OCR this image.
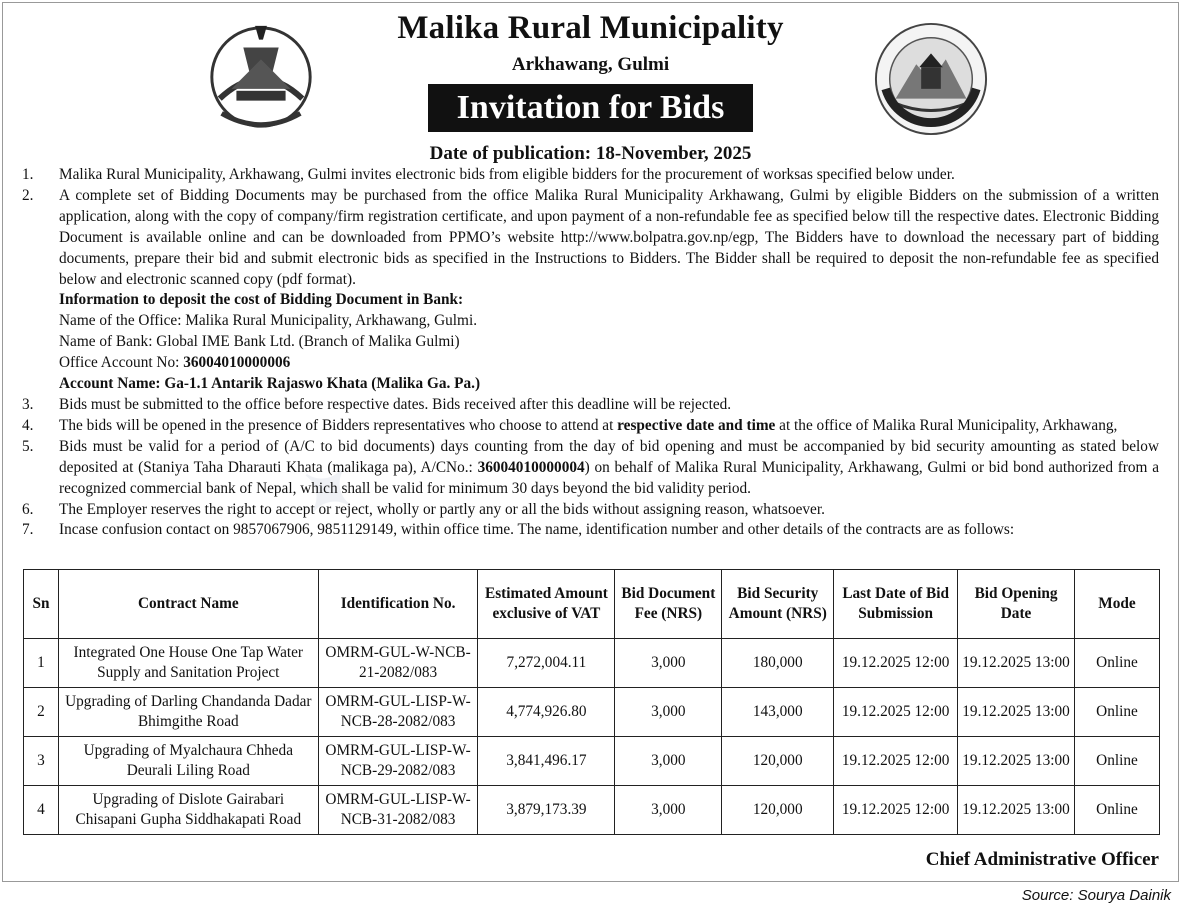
✦
Malika Rural Municipality
Arkhawang, Gulmi
Invitation for Bids
Date of publication: 18-November, 2025
1.	Malika Rural Municipality, Arkhawang, Gulmi invites electronic bids from eligible bidders for the procurement of worksas specified below under.
2.	A complete set of Bidding Documents may be purchased from the office Malika Rural Municipality Arkhawang, Gulmi by eligible Bidders on the submission of a written application, along with the copy of company/firm registration certificate, and upon payment of a non-refundable fee as specified below till the respective dates. Electronic Bidding Document is available online and can be downloaded from PPMO’s website http://www.bolpatra.gov.np/egp, The Bidders have to download the necessary part of bidding documents, prepare their bid and submit electronic bids as specified in the Instructions to Bidders. The Bidder shall be required to deposit the non-refundable fee as specified below and electronic scanned copy (pdf format).
Information to deposit the cost of Bidding Document in Bank:
Name of the Office: Malika Rural Municipality, Arkhawang, Gulmi.
Name of Bank: Global IME Bank Ltd. (Branch of Malika Gulmi)
Office Account No: 36004010000006
Account Name: Ga-1.1 Antarik Rajaswo Khata (Malika Ga. Pa.)
3.	Bids must be submitted to the office before respective dates. Bids received after this deadline will be rejected.
4.	The bids will be opened in the presence of Bidders representatives who choose to attend at respective date and time at the office of Malika Rural Municipality, Arkhawang,
5.	Bids must be valid for a period of (A/C to bid documents) days counting from the day of bid opening and must be accompanied by bid security amounting as stated below deposited at (Staniya Taha Dharauti Khata (malikaga pa), A/CNo.: 36004010000004) on behalf of Malika Rural Municipality, Arkhawang, Gulmi or bid bond authorized from a recognized commercial bank of Nepal, which shall be valid for minimum 30 days beyond the bid validity period.
6.	The Employer reserves the right to accept or reject, wholly or partly any or all the bids without assigning reason, whatsoever.
7.	Incase confusion contact on 9857067906, 9851129149, within office time. The name, identification number and other details of the contracts are as follows:
Sn	Contract Name	Identification No.	Estimated Amount exclusive of VAT	Bid Document Fee (NRS)	Bid Security Amount (NRS)	Last Date of Bid Submission	Bid Opening Date	Mode
1	Integrated One House One Tap Water Supply and Sanitation Project	OMRM-GUL-W-NCB-21-2082/083	7,272,004.11	3,000	180,000	19.12.2025 12:00	19.12.2025 13:00	Online
2	Upgrading of Darling Chandanda Dadar Bhimgithe Road	OMRM-GUL-LISP-W-NCB-28-2082/083	4,774,926.80	3,000	143,000	19.12.2025 12:00	19.12.2025 13:00	Online
3	Upgrading of Myalchaura Chheda Deurali Liling Road	OMRM-GUL-LISP-W-NCB-29-2082/083	3,841,496.17	3,000	120,000	19.12.2025 12:00	19.12.2025 13:00	Online
4	Upgrading of Dislote Gairabari Chisapani Gupha Siddhakapati Road	OMRM-GUL-LISP-W-NCB-31-2082/083	3,879,173.39	3,000	120,000	19.12.2025 12:00	19.12.2025 13:00	Online
Chief Administrative Officer
Source: Sourya Dainik
